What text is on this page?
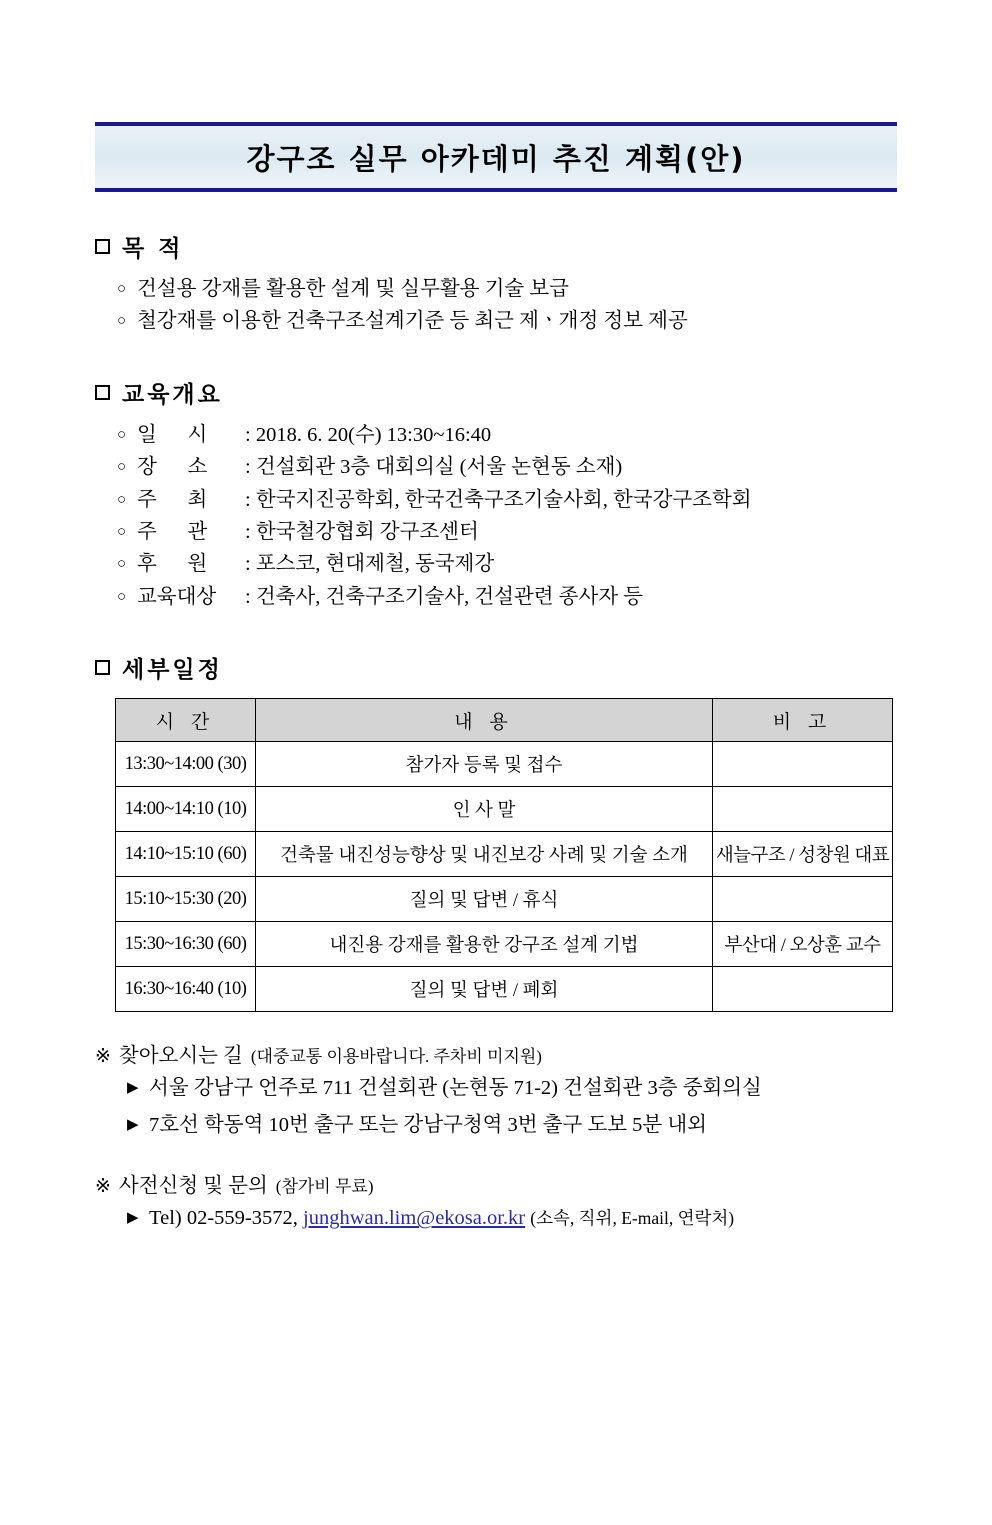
강구조 실무 아카데미 추진 계획(안)
목 적
○
건설용 강재를 활용한 설계 및 실무활용 기술 보급
○
철강재를 이용한 건축구조설계기준 등 최근 제ㆍ개정 정보 제공
교육개요
○
일      시	: 2018. 6. 20(수) 13:30~16:40
○
장      소	: 건설회관 3층 대회의실 (서울 논현동 소재)
○
주      최	: 한국지진공학회, 한국건축구조기술사회, 한국강구조학회
○
주      관	: 한국철강협회 강구조센터
○
후      원	: 포스코, 현대제철, 동국제강
○
교육대상	: 건축사, 건축구조기술사, 건설관련 종사자 등
세부일정
시 간	내 용	비 고
13:30~14:00 (30)	참가자 등록 및 접수	
14:00~14:10 (10)	인 사 말	
14:10~15:10 (60)	건축물 내진성능향상 및 내진보강 사례 및 기술 소개	새늘구조 / 성창원 대표
15:10~15:30 (20)	질의 및 답변 / 휴식	
15:30~16:30 (60)	내진용 강재를 활용한 강구조 설계 기법	부산대 / 오상훈 교수
16:30~16:40 (10)	질의 및 답변 / 폐회	
※ 찾아오시는 길 (대중교통 이용바랍니다. 주차비 미지원)
▶
서울 강남구 언주로 711 건설회관 (논현동 71-2) 건설회관 3층 중회의실
▶
7호선 학동역 10번 출구 또는 강남구청역 3번 출구 도보 5분 내외
※ 사전신청 및 문의 (참가비 무료)
▶
Tel) 02-559-3572,
junghwan.lim@ekosa.or.kr
(소속, 직위, E-mail, 연락처)
